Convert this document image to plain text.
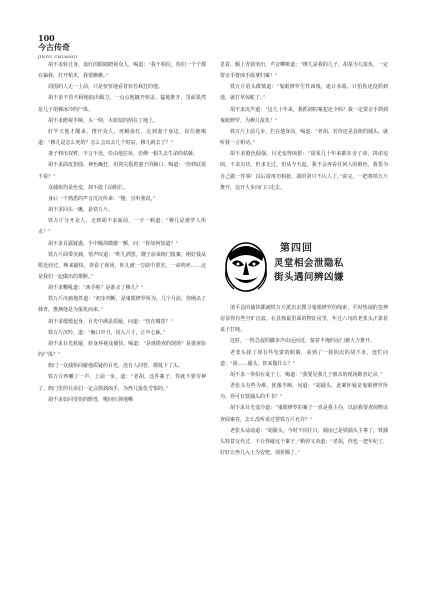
100
今古传奇
JINGU CHUANQI

胡不求转过身，血红的眼睛瞪视众人，喝道：“我不相信，你们一个个都在骗我，打开棺木，我要瞧瞧。”

周围的人无一上前，只是怔怔地看着状若疯狂的他。

胡不求不管不顾地抽出佩刀，一点点地撬开棺盖，猛地推开，里面果然是儿子胡穆冰冷的尸体。

胡不求瞪视半晌，头一仰，木桩似的倒在了地上。

好半天他才醒来，推开众人，再瞅血红，走到妻子身边，扯住她喝道：“穆儿是怎么死的？怎么会出去几个时辰，穆儿就去了？”

妻子伸出双臂，不言不语，任由他拉扯，仿佛一根失去生命的枯藤。

胡不求面皮扭曲，神色癫狂，用剑尖指着妻子的胸口，喝道：“你到底说不说？”

众捕快均是色变，却不敢上前阻拦。

身后一个熟悉的声音沉沉传来：“慢，且听我说。”

胡不求回头一瞅，是铁万斤。

铁万斤分开众人，走到胡不求面前，一字一顿道：“穆儿是被罗人所杀！”

胡不求目露疑惑，手中佩剑微微一颤，问：“你如何知道？”

铁万斤面带沉痛，悄声叹道：“昨儿酒罢，嫂子前来衙门报案，刚好我从附近经过，唤来捕快，查看了现场，你儿被一刀砍中要害，一命呜呼……这是我们一起做出的推断。”

胡不求嘶吼道：“凶手呢？是谁杀了穆儿？”

铁万斤沉痛地答道：“初步判断，是鬼眼修罗所为。几个月前，你刚杀了韩青，推测他是为报仇而来。”

胡不求缓缓起身，目光中满是质疑，问道：“伤在哪里？”

铁万斤沉吟，道：“胸口中刀，切入六寸，正中心脉。”

胡不求目光犹疑，转身环视众捕快，喝道：“是谁勘查的现场？是谁查验的尸体？”

衙门一众捕快回避他质疑的目光，没有人回答，都低下了头。

铁万斤咳嗽了一声，上前一步，道：“老胡，这件案子，你就不要劳神了。衙门里的兄弟们一定会抓到凶手，为侄儿报仇雪恨的。”

胡不求如同受伤的野兽，喉间压抑地嘶

息着，额上青筋突出，声音嘶哑道：“穆儿是我的儿子，胡某为儿报仇，一定要亲手将凶手缉拿归案！”

铁万斤眉头微皱道：“鬼眼修罗生性凶残，诡计多端，只怕你还没抓到他，就打草惊蛇了。”

胡不求沉声道：“这几十年来，我抓到的案犯还少吗？我一定要亲手抓到鬼眼修罗，为穆儿报仇！”

铁万斤上前几步，拦在他身前，喝道：“老胡，若你还是县衙的捕头，就听我一言相劝。”

胡不求脸色倔强，目光变得凶狠：“胡某几十年来都在舍了命，拼命追凶，不求有功，但求无过，但从今天起，我不会再看任何人的脸色，我要为自己做一件事！以后请再勿相扰，我的剑只不认人了。”说完，一把将铁万斤推开，迈开大步向门口走去。

第四回
灵堂相会泄隐私
街头遇问辨凶嫌

清平县的捕快都被铁万斤派出去搜寻鬼眼修罗的线索，平时热闹的签押房显得有些空旷沉寂。在县衙最里面的物证房里，年过六旬的老张头正靠着桌子打盹。

这时，一阵急促的脚步声由远而近，接着半掩的房门被大力推开。

老张头揉了揉有些发蒙的眼睛，看到了一脸阴沉的胡不求，连忙问道：“胡……捕头，你来做什么？”

胡不求一拳拍在桌子上，喝道：“我要见我儿子被杀的现场勘查记录。”

老张头有些为难，犹豫半晌，问道：“胡捕头，此案怀疑是鬼眼修罗所为，你可有铁捕头的手书？”

胡不求目光变冷道：“鬼眼修罗的案子一直是我主办，以前我要查阅物证查阅案卷，怎么没听说过要铁万斤允许？”

老张头讪讪道：“胡捕头，今时不同往日，捕房已是铁捕头主事了。铁捕头特意交代过，不让你碰这个案子。”稍停又劝道：“老胡，你也一把年纪了，好好让侄儿入土为安吧，别折腾了。”
